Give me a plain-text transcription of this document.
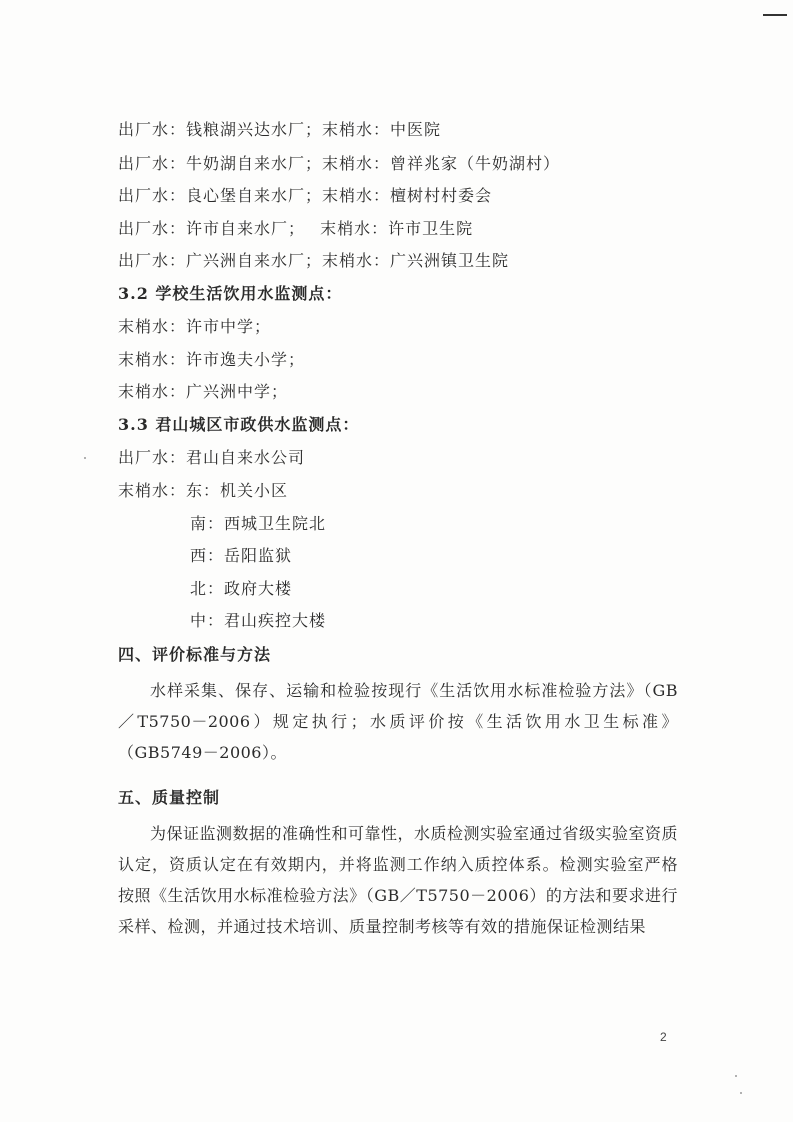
出厂水：钱粮湖兴达水厂；末梢水：中医院
出厂水：牛奶湖自来水厂；末梢水：曾祥兆家（牛奶湖村）
出厂水：良心堡自来水厂；末梢水：檀树村村委会
出厂水：许市自来水厂；　 末梢水：许市卫生院
出厂水：广兴洲自来水厂；末梢水：广兴洲镇卫生院
3.2 学校生活饮用水监测点：
末梢水：许市中学；
末梢水：许市逸夫小学；
末梢水：广兴洲中学；
3.3 君山城区市政供水监测点：
出厂水：君山自来水公司
末梢水：东：机关小区
南：西城卫生院北
西：岳阳监狱
北：政府大楼
中：君山疾控大楼
四、评价标准与方法
水样采集、保存、运输和检验按现行《生活饮用水标准检验方法》（GB／T5750－2006）规定执行；水质评价按《生活饮用水卫生标准》（GB5749－2006）。
五、质量控制
为保证监测数据的准确性和可靠性，水质检测实验室通过省级实验室资质认定，资质认定在有效期内，并将监测工作纳入质控体系。检测实验室严格按照《生活饮用水标准检验方法》（GB／T5750－2006）的方法和要求进行采样、检测，并通过技术培训、质量控制考核等有效的措施保证检测结果
2
